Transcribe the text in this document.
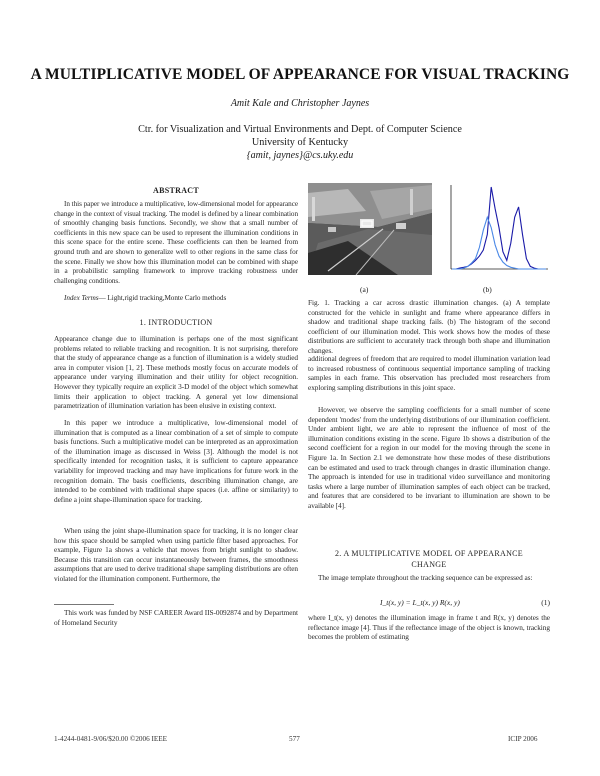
A MULTIPLICATIVE MODEL OF APPEARANCE FOR VISUAL TRACKING
Amit Kale and Christopher Jaynes
Ctr. for Visualization and Virtual Environments and Dept. of Computer Science
University of Kentucky
{amit, jaynes}@cs.uky.edu
ABSTRACT

In this paper we introduce a multiplicative, low-dimensional model for appearance change in the context of visual tracking. The model is defined by a linear combination of smoothly changing basis functions. Secondly, we show that a small number of coefficients in this new space can be used to represent the illumination conditions in this scene space for the entire scene. These coefficients can then be learned from ground truth and are shown to generalize well to other regions in the same class for the scene. Finally we show how this illumination model can be combined with shape in a probabilistic sampling framework to improve tracking robustness under challenging conditions.

Index Terms— Light,rigid tracking,Monte Carlo methods

1. INTRODUCTION

Appearance change due to illumination is perhaps one of the most significant problems related to reliable tracking and recognition. It is not surprising, therefore that the study of appearance change as a function of illumination is a widely studied area in computer vision [1, 2]. These methods mostly focus on accurate models of appearance under varying illumination and their utility for object recognition. However they typically require an explicit 3-D model of the object which somewhat limits their application to object tracking. A general yet low dimensional parametrization of illumination variation has been elusive in existing context.

In this paper we introduce a multiplicative, low-dimensional model of illumination that is computed as a linear combination of a set of simple to compute basis functions. Such a multiplicative model can be interpreted as an approximation of the illumination image as discussed in Weiss [3]. Although the model is not specifically intended for recognition tasks, it is sufficient to capture appearance variability for improved tracking and may have implications for future work in the recognition domain. The basis coefficients, describing illumination change, are intended to be combined with traditional shape spaces (i.e. affine or similarity) to define a joint shape-illumination space for tracking.

When using the joint shape-illumination space for tracking, it is no longer clear how this space should be sampled when using particle filter based approaches. For example, Figure 1a shows a vehicle that moves from bright sunlight to shadow. Because this transition can occur instantaneously between frames, the smoothness assumptions that are used to derive traditional shape sampling distributions are often violated for the illumination component. Furthermore, the

This work was funded by NSF CAREER Award IIS-0092874 and by Department of Homeland Security

(a)	(b)

Fig. 1. Tracking a car across drastic illumination changes. (a) A template constructed for the vehicle in sunlight and frame where appearance differs in shadow and traditional shape tracking fails. (b) The histogram of the second coefficient of our illumination model. This work shows how the modes of these distributions are sufficient to accurately track through both shape and illumination changes.

additional degrees of freedom that are required to model illumination variation lead to increased robustness of continuous sequential importance sampling of tracking samples in each frame. This observation has precluded most researchers from exploring sampling distributions in this joint space.

However, we observe the sampling coefficients for a small number of scene dependent 'modes' from the underlying distributions of our illumination coefficient. Under ambient light, we are able to represent the influence of most of the illumination conditions existing in the scene. Figure 1b shows a distribution of the second coefficient for a region in our model for the moving through the scene in Figure 1a. In Section 2.1 we demonstrate how these modes of these distributions can be estimated and used to track through changes in drastic illumination change. The approach is intended for use in traditional video surveillance and monitoring tasks where a large number of illumination samples of each object can be tracked, and features that are considered to be invariant to illumination are shown to be available [4].

2. A MULTIPLICATIVE MODEL OF APPEARANCE
CHANGE

The image template throughout the tracking sequence can be expressed as:

I_t(x, y) = L_t(x, y) R(x, y)	(1)

where I_t(x, y) denotes the illumination image in frame t and R(x, y) denotes the reflectance image [4]. Thus if the reflectance image of the object is known, tracking becomes the problem of estimating

1-4244-0481-9/06/$20.00 ©2006 IEEE	577	ICIP 2006
